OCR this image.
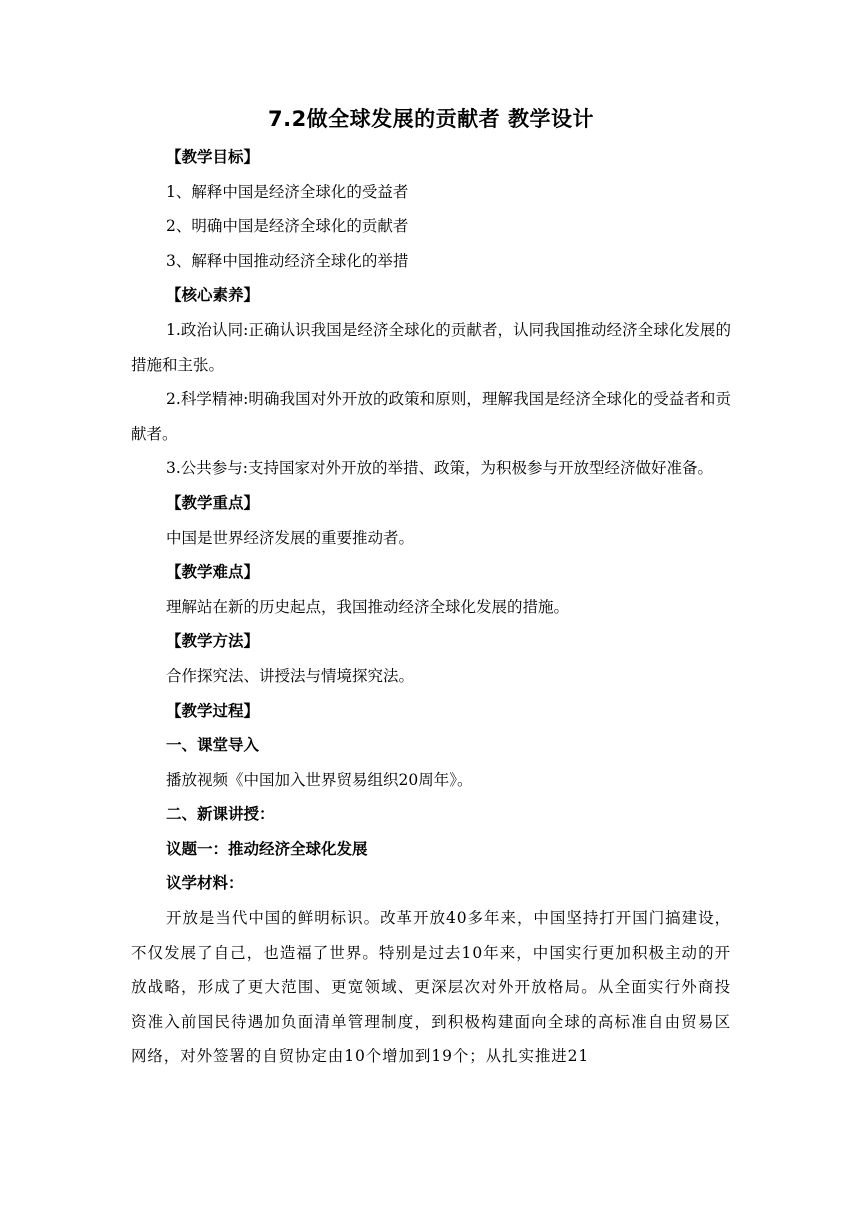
7.2做全球发展的贡献者 教学设计

【教学目标】

1、解释中国是经济全球化的受益者

2、明确中国是经济全球化的贡献者

3、解释中国推动经济全球化的举措

【核心素养】

1.政治认同:正确认识我国是经济全球化的贡献者，认同我国推动经济全球化发展的措施和主张。

2.科学精神:明确我国对外开放的政策和原则，理解我国是经济全球化的受益者和贡献者。

3.公共参与:支持国家对外开放的举措、政策，为积极参与开放型经济做好准备。

【教学重点】

中国是世界经济发展的重要推动者。

【教学难点】

理解站在新的历史起点，我国推动经济全球化发展的措施。

【教学方法】

合作探究法、讲授法与情境探究法。

【教学过程】

一、课堂导入

播放视频《中国加入世界贸易组织20周年》。

二、新课讲授：

议题一：推动经济全球化发展

议学材料：

开放是当代中国的鲜明标识。改革开放40多年来，中国坚持打开国门搞建设，不仅发展了自己，也造福了世界。特别是过去10年来，中国实行更加积极主动的开放战略，形成了更大范围、更宽领域、更深层次对外开放格局。从全面实行外商投资准入前国民待遇加负面清单管理制度，到积极构建面向全球的高标准自由贸易区网络，对外签署的自贸协定由10个增加到19个；从扎实推进21
